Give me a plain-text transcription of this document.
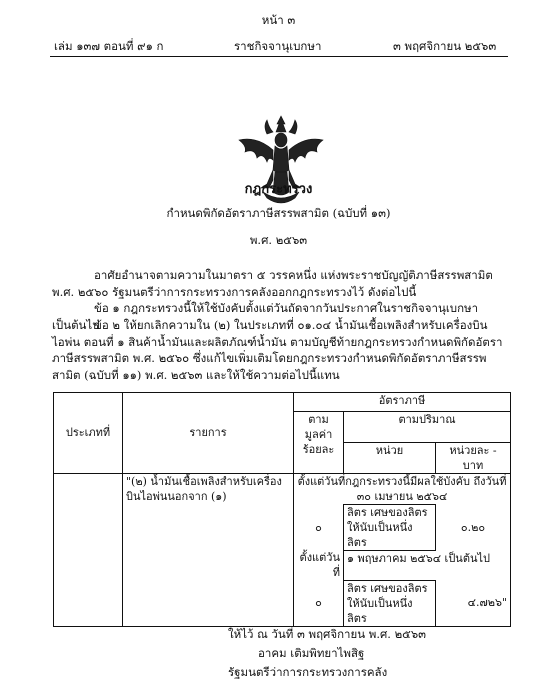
หน้า ๓
เล่ม ๑๓๗ ตอนที่ ๙๑ ก	ราชกิจจานุเบกษา	๓ พฤศจิกายน ๒๕๖๓
กฎกระทรวง
กำหนดพิกัดอัตราภาษีสรรพสามิต (ฉบับที่ ๑๓)
พ.ศ. ๒๕๖๓
อาศัยอำนาจตามความในมาตรา ๕ วรรคหนึ่ง แห่งพระราชบัญญัติภาษีสรรพสามิต พ.ศ. ๒๕๖๐ รัฐมนตรีว่าการกระทรวงการคลังออกกฎกระทรวงไว้ ดังต่อไปนี้
ข้อ ๑ กฎกระทรวงนี้ให้ใช้บังคับตั้งแต่วันถัดจากวันประกาศในราชกิจจานุเบกษาเป็นต้นไป
ข้อ ๒ ให้ยกเลิกความใน (๒) ในประเภทที่ ๐๑.๐๔ น้ำมันเชื้อเพลิงสำหรับเครื่องบินไอพ่น ตอนที่ ๑ สินค้าน้ำมันและผลิตภัณฑ์น้ำมัน ตามบัญชีท้ายกฎกระทรวงกำหนดพิกัดอัตราภาษีสรรพสามิต พ.ศ. ๒๕๖๐ ซึ่งแก้ไขเพิ่มเติมโดยกฎกระทรวงกำหนดพิกัดอัตราภาษีสรรพสามิต (ฉบับที่ ๑๑) พ.ศ. ๒๕๖๓ และให้ใช้ความต่อไปนี้แทน
ประเภทที่	รายการ	อัตราภาษี		
		ตามมูลค่า	ตามปริมาณ	
		ร้อยละ	หน่วย	หน่วยละ - บาท
	"(๒) น้ำมันเชื้อเพลิงสำหรับเครื่องบินไอพ่นนอกจาก (๑)	ตั้งแต่วันที่กฎกระทรวงนี้มีผลใช้บังคับ ถึงวันที่ ๓๐ เมษายน ๒๕๖๔		
		๐	ลิตร เศษของลิตรให้นับเป็นหนึ่งลิตร	๐.๒๐
		ตั้งแต่วันที่	๑ พฤษภาคม ๒๕๖๔ เป็นต้นไป	
		๐	ลิตร เศษของลิตรให้นับเป็นหนึ่งลิตร	๔.๗๒๖"
ให้ไว้ ณ วันที่ ๓ พฤศจิกายน พ.ศ. ๒๕๖๓
อาคม เติมพิทยาไพสิฐ
รัฐมนตรีว่าการกระทรวงการคลัง
